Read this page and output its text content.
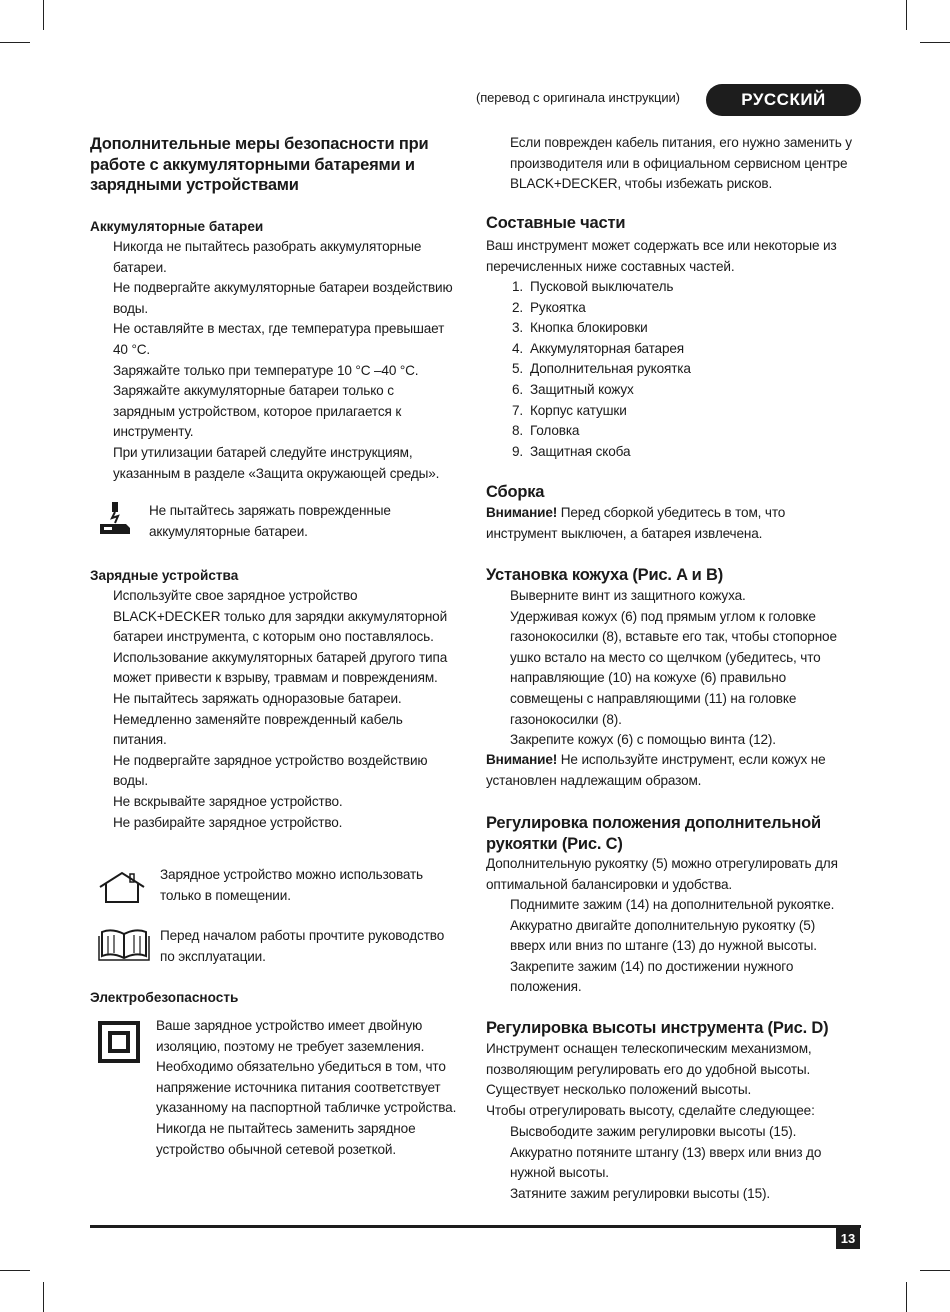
(перевод с оригинала инструкции)	РУССКИЙ
Дополнительные меры безопасности при работе с аккумуляторными батареями и зарядными устройствами
Аккумуляторные батареи
Никогда не пытайтесь разобрать аккумуляторные батареи.
Не подвергайте аккумуляторные батареи воздействию воды.
Не оставляйте в местах, где температура превышает 40 °C.
Заряжайте только при температуре 10 °C –40 °C.
Заряжайте аккумуляторные батареи только с зарядным устройством, которое прилагается к инструменту.
При утилизации батарей следуйте инструкциям, указанным в разделе «Защита окружающей среды».
Не пытайтесь заряжать поврежденные аккумуляторные батареи.
Зарядные устройства
Используйте свое зарядное устройство BLACK+DECKER только для зарядки аккумуляторной батареи инструмента, с которым оно поставлялось. Использование аккумуляторных батарей другого типа может привести к взрыву, травмам и повреждениям.
Не пытайтесь заряжать одноразовые батареи.
Немедленно заменяйте поврежденный кабель питания.
Не подвергайте зарядное устройство воздействию воды.
Не вскрывайте зарядное устройство.
Не разбирайте зарядное устройство.
Зарядное устройство можно использовать только в помещении.
Перед началом работы прочтите руководство по эксплуатации.
Электробезопасность
Ваше зарядное устройство имеет двойную изоляцию, поэтому не требует заземления. Необходимо обязательно убедиться в том, что напряжение источника питания соответствует указанному на паспортной табличке устройства. Никогда не пытайтесь заменить зарядное устройство обычной сетевой розеткой.
Если поврежден кабель питания, его нужно заменить у производителя или в официальном сервисном центре BLACK+DECKER, чтобы избежать рисков.
Составные части
Ваш инструмент может содержать все или некоторые из перечисленных ниже составных частей.
1. Пусковой выключатель
2. Рукоятка
3. Кнопка блокировки
4. Аккумуляторная батарея
5. Дополнительная рукоятка
6. Защитный кожух
7. Корпус катушки
8. Головка
9. Защитная скоба
Сборка
Внимание! Перед сборкой убедитесь в том, что инструмент выключен, а батарея извлечена.
Установка кожуха (Рис. A и B)
Выверните винт из защитного кожуха.
Удерживая кожух (6) под прямым углом к головке газонокосилки (8), вставьте его так, чтобы стопорное ушко встало на место со щелчком (убедитесь, что направляющие (10) на кожухе (6) правильно совмещены с направляющими (11) на головке газонокосилки (8).
Закрепите кожух (6) с помощью винта (12).
Внимание! Не используйте инструмент, если кожух не установлен надлежащим образом.
Регулировка положения дополнительной рукоятки (Рис. C)
Дополнительную рукоятку (5) можно отрегулировать для оптимальной балансировки и удобства.
Поднимите зажим (14) на дополнительной рукоятке.
Аккуратно двигайте дополнительную рукоятку (5) вверх или вниз по штанге (13) до нужной высоты.
Закрепите зажим (14) по достижении нужного положения.
Регулировка высоты инструмента (Рис. D)
Инструмент оснащен телескопическим механизмом, позволяющим регулировать его до удобной высоты. Существует несколько положений высоты.
Чтобы отрегулировать высоту, сделайте следующее:
Высвободите зажим регулировки высоты (15).
Аккуратно потяните штангу (13) вверх или вниз до нужной высоты.
Затяните зажим регулировки высоты (15).
13
